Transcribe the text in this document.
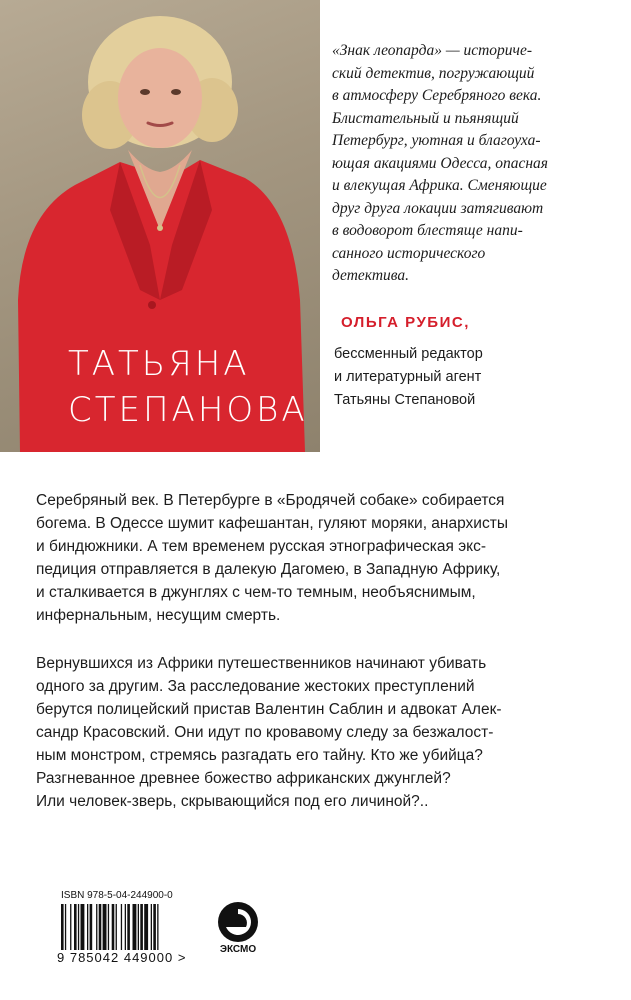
ТАТЬЯНА
СТЕПАНОВА
«Знак леопарда» — историче-
ский детектив, погружающий
в атмосферу Серебряного века.
Блистательный и пьянящий
Петербург, уютная и благоуха-
ющая акациями Одесса, опасная
и влекущая Африка. Сменяющие
друг друга локации затягивают
в водоворот блестяще напи-
санного исторического
детектива.
ОЛЬГА РУБИС,
бессменный редактор
и литературный агент
Татьяны Степановой
Серебряный век. В Петербурге в «Бродячей собаке» собирается
богема. В Одессе шумит кафешантан, гуляют моряки, анархисты
и биндюжники. А тем временем русская этнографическая экс-
педиция отправляется в далекую Дагомею, в Западную Африку,
и сталкивается в джунглях с чем-то темным, необъяснимым,
инфернальным, несущим смерть.
Вернувшихся из Африки путешественников начинают убивать
одного за другим. За расследование жестоких преступлений
берутся полицейский пристав Валентин Саблин и адвокат Алек-
сандр Красовский. Они идут по кровавому следу за безжалост-
ным монстром, стремясь разгадать его тайну. Кто же убийца?
Разгневанное древнее божество африканских джунглей?
Или человек-зверь, скрывающийся под его личиной?..
ISBN 978-5-04-244900-0
9 785042 449000 >
ЭКСМО
